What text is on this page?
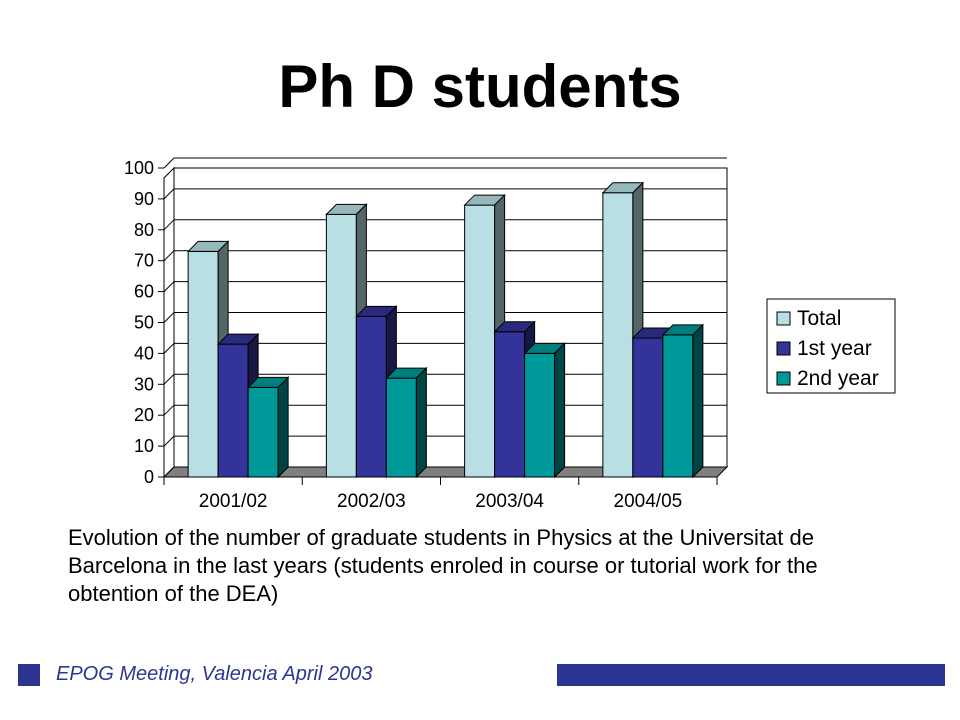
Ph D students
0
10
20
30
40
50
60
70
80
90
100
2001/02	2002/03	2003/04	2004/05
Total
1st year
2nd year
Evolution of the number of graduate students in Physics at the Universitat de Barcelona in the last years (students enroled in course or tutorial work for the obtention of the DEA)
EPOG Meeting, Valencia April 2003
